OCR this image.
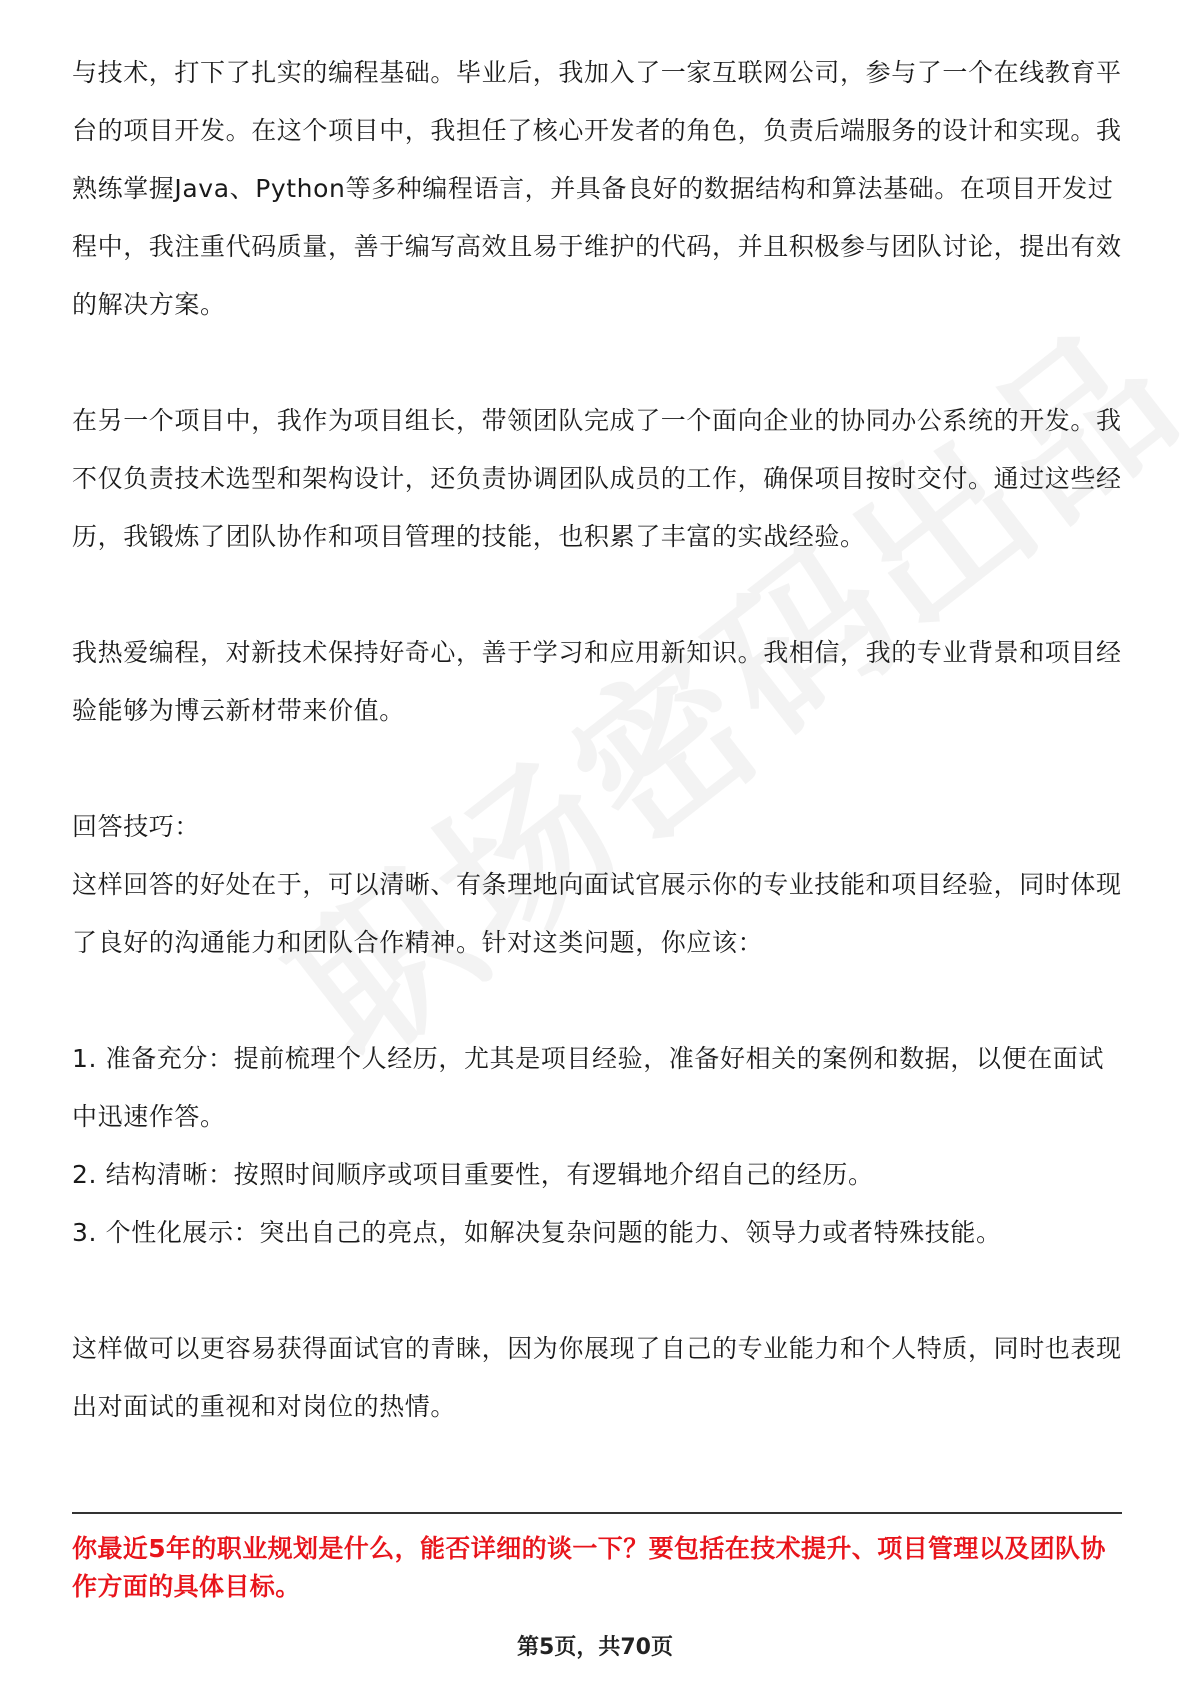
与技术，打下了扎实的编程基础。毕业后，我加入了一家互联网公司，参与了一个在线教育平台的项目开发。在这个项目中，我担任了核心开发者的角色，负责后端服务的设计和实现。我熟练掌握Java、Python等多种编程语言，并具备良好的数据结构和算法基础。在项目开发过程中，我注重代码质量，善于编写高效且易于维护的代码，并且积极参与团队讨论，提出有效的解决方案。

在另一个项目中，我作为项目组长，带领团队完成了一个面向企业的协同办公系统的开发。我不仅负责技术选型和架构设计，还负责协调团队成员的工作，确保项目按时交付。通过这些经历，我锻炼了团队协作和项目管理的技能，也积累了丰富的实战经验。

我热爱编程，对新技术保持好奇心，善于学习和应用新知识。我相信，我的专业背景和项目经验能够为博云新材带来价值。

回答技巧：

这样回答的好处在于，可以清晰、有条理地向面试官展示你的专业技能和项目经验，同时体现了良好的沟通能力和团队合作精神。针对这类问题，你应该：

1. 准备充分：提前梳理个人经历，尤其是项目经验，准备好相关的案例和数据，以便在面试中迅速作答。

2. 结构清晰：按照时间顺序或项目重要性，有逻辑地介绍自己的经历。

3. 个性化展示：突出自己的亮点，如解决复杂问题的能力、领导力或者特殊技能。

这样做可以更容易获得面试官的青睐，因为你展现了自己的专业能力和个人特质，同时也表现出对面试的重视和对岗位的热情。

你最近5年的职业规划是什么，能否详细的谈一下？要包括在技术提升、项目管理以及团队协作方面的具体目标。

第5页，共70页
